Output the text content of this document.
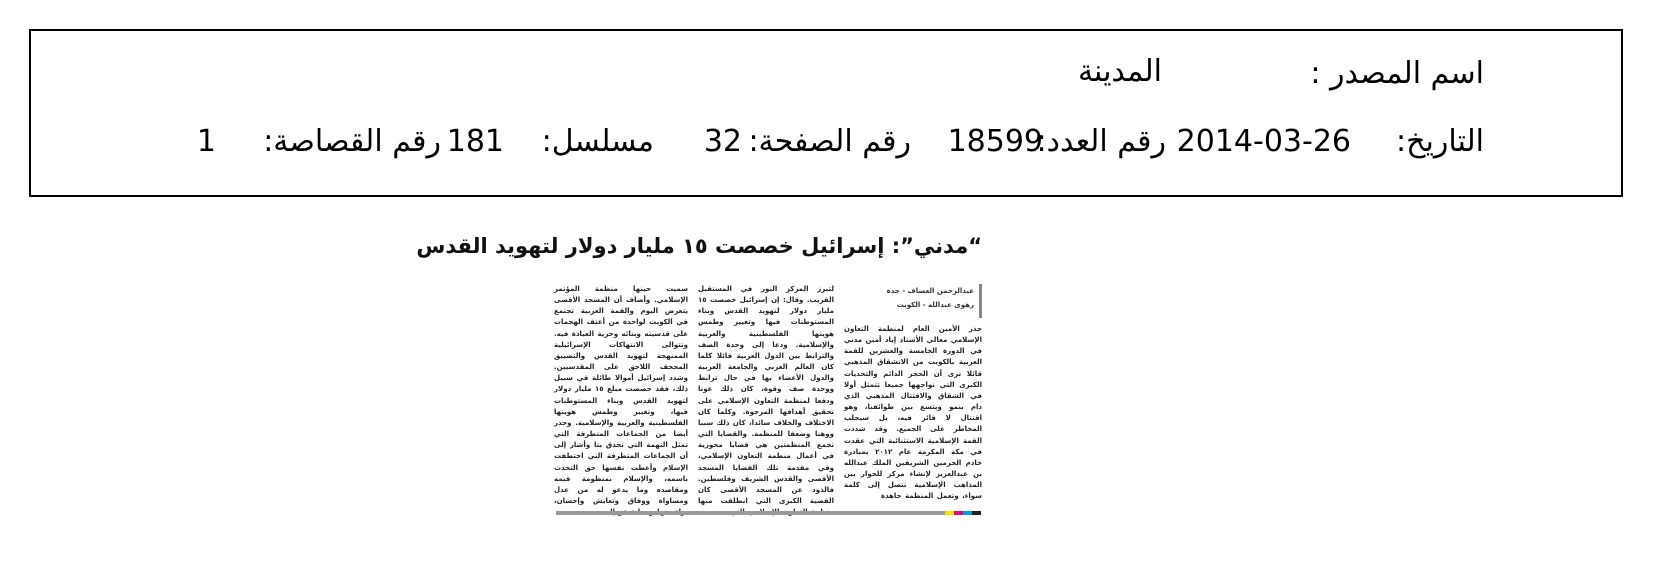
اسم المصدر :
المدينة
التاريخ:
2014-03-26
رقم العدد:
18599
رقم الصفحة:
32
مسلسل:
181
رقم القصاصة:
1
“مدني”: إسرائيل خصصت ١٥ مليار دولار لتهويد القدس
عبدالرحمن العساف - جدة
رهوى عبدالله - الكويت

حذر الأمين العام لمنظمة التعاون الإسلامي معالي الأستاذ إياد أمين مدني في الدورة الخامسة والعشرين للقمة العربية بالكويت من الانشقاق المذهبي قائلا نرى أن الحجر الدائم والتحديات الكبرى التي نواجهها جميعا تتمثل أولا في الشقاق والاقتتال المذهبي الذي دام بنمو ويتسع بين طوائفنا، وهو اقتتال لا فائز فيه، بل سيجلب المخاطر على الجميع. وقد شددت القمة الإسلامية الاستثنائية التي عقدت في مكة المكرمة عام ٢٠١٢ بمبادرة خادم الحرمين الشريفين الملك عبدالله بن عبدالعزيز لإنشاء مركز للحوار بين المذاهب الإسلامية تتصل إلى كلمة سواء، وتعمل المنظمة جاهدة

لتبرز المركز النور في المستقبل القريب. وقال: إن إسرائيل خصصت ١٥ مليار دولار لتهويد القدس وبناء المستوطنات فيها وتغيير وطمس هويتها الفلسطينية والعربية والإسلامية. ودعا إلى وحدة الصف والترابط بين الدول العربية قائلا كلما كان العالم العربي والجامعة العربية والدول الأعضاء بها في حال ترابط ووحدة صف وقوة، كان ذلك عونا ودفعا لمنظمة التعاون الإسلامي على تحقيق أهدافها المرجوة. وكلما كان الاختلاف والخلاف سائدا، كان ذلك سببا ووهنا وضعفا للمنظمة. والقضايا التي تجمع المنظمتين هي قضايا محورية في أعمال منظمة التعاون الإسلامي، وفي مقدمة تلك القضايا المسجد الأقصى والقدس الشريف وفلسطين. فالذود عن المسجد الأقصى كان القضية الكبرى التي انطلقت منها

سميت حينها منظمة المؤتمر الإسلامي. وأضاف أن المسجد الأقصى يتعرض اليوم والقمة العربية تجتمع في الكويت لواحدة من أعنف الهجمات على قدسيته وبنائه وحرية العبادة فيه. وتتوالى الانتهاكات الإسرائيلية الممنهجة لتهويد القدس والتضييق المجحف اللاحق على المقدسيين. وشدد إسرائيل أموالا طائلة في سبيل ذلك، فقد خصصت مبلغ ١٥ مليار دولار لتهويد القدس وبناء المستوطنات فيها، وتغيير وطمس هويتها الفلسطينية والعربية والإسلامية. وحذر أيضا من الجماعات المتطرفة التي تمثل التهمة التي تحدق بنا وأشار إلى أن الجماعات المتطرفة التي اختطفت الإسلام وأعطت نفسها حق التحدث باسمه، والإسلام بمنظومة قيمه ومقاصده وما يدعو له من عدل ومساواة ووفاق وتعايش وإحسان،
